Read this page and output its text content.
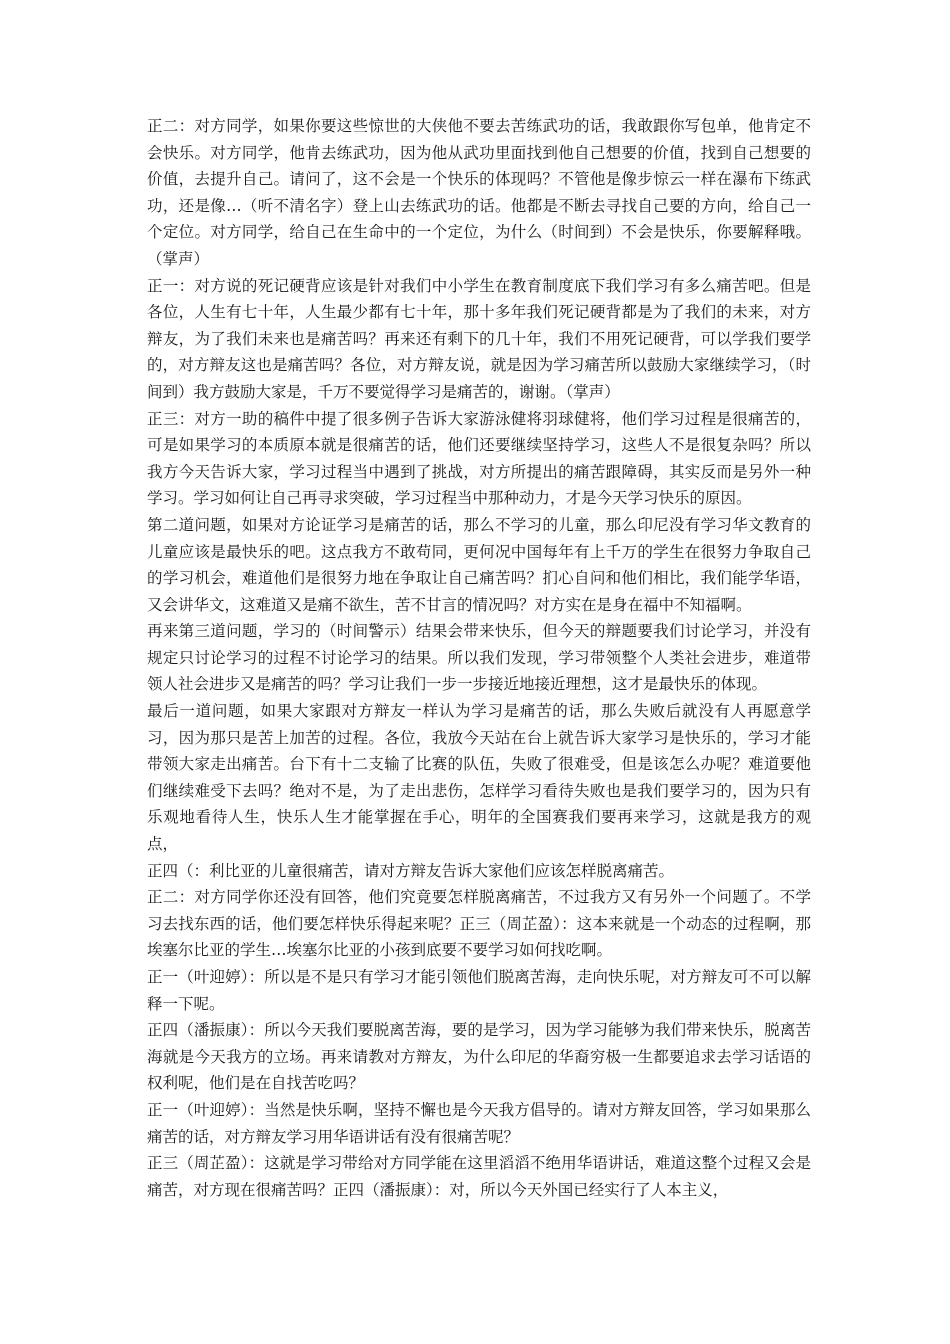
正二：对方同学，如果你要这些惊世的大侠他不要去苦练武功的话，我敢跟你写包单，他肯定不会快乐。对方同学，他肯去练武功，因为他从武功里面找到他自己想要的价值，找到自己想要的价值，去提升自己。请问了，这不会是一个快乐的体现吗？不管他是像步惊云一样在瀑布下练武功，还是像…（听不清名字）登上山去练武功的话。他都是不断去寻找自己要的方向，给自己一个定位。对方同学，给自己在生命中的一个定位，为什么（时间到）不会是快乐，你要解释哦。（掌声）

正一：对方说的死记硬背应该是针对我们中小学生在教育制度底下我们学习有多么痛苦吧。但是各位，人生有七十年，人生最少都有七十年，那十多年我们死记硬背都是为了我们的未来，对方辩友，为了我们未来也是痛苦吗？再来还有剩下的几十年，我们不用死记硬背，可以学我们要学的，对方辩友这也是痛苦吗？各位，对方辩友说，就是因为学习痛苦所以鼓励大家继续学习，（时间到）我方鼓励大家是，千万不要觉得学习是痛苦的，谢谢。（掌声）

正三：对方一助的稿件中提了很多例子告诉大家游泳健将羽球健将，他们学习过程是很痛苦的，可是如果学习的本质原本就是很痛苦的话，他们还要继续坚持学习，这些人不是很复杂吗？所以我方今天告诉大家，学习过程当中遇到了挑战，对方所提出的痛苦跟障碍，其实反而是另外一种学习。学习如何让自己再寻求突破，学习过程当中那种动力，才是今天学习快乐的原因。

第二道问题，如果对方论证学习是痛苦的话，那么不学习的儿童，那么印尼没有学习华文教育的儿童应该是最快乐的吧。这点我方不敢苟同，更何况中国每年有上千万的学生在很努力争取自己的学习机会，难道他们是很努力地在争取让自己痛苦吗？扪心自问和他们相比，我们能学华语，又会讲华文，这难道又是痛不欲生，苦不甘言的情况吗？对方实在是身在福中不知福啊。

再来第三道问题，学习的（时间警示）结果会带来快乐，但今天的辩题要我们讨论学习，并没有规定只讨论学习的过程不讨论学习的结果。所以我们发现，学习带领整个人类社会进步，难道带领人社会进步又是痛苦的吗？学习让我们一步一步接近地接近理想，这才是最快乐的体现。

最后一道问题，如果大家跟对方辩友一样认为学习是痛苦的话，那么失败后就没有人再愿意学习，因为那只是苦上加苦的过程。各位，我放今天站在台上就告诉大家学习是快乐的，学习才能带领大家走出痛苦。台下有十二支输了比赛的队伍，失败了很难受，但是该怎么办呢？难道要他们继续难受下去吗？绝对不是，为了走出悲伤，怎样学习看待失败也是我们要学习的，因为只有乐观地看待人生，快乐人生才能掌握在手心，明年的全国赛我们要再来学习，这就是我方的观点，

正四（：利比亚的儿童很痛苦，请对方辩友告诉大家他们应该怎样脱离痛苦。

正二：对方同学你还没有回答，他们究竟要怎样脱离痛苦，不过我方又有另外一个问题了。不学习去找东西的话，他们要怎样快乐得起来呢？正三（周芷盈）：这本来就是一个动态的过程啊，那埃塞尔比亚的学生…埃塞尔比亚的小孩到底要不要学习如何找吃啊。

正一（叶迎婷）：所以是不是只有学习才能引领他们脱离苦海，走向快乐呢，对方辩友可不可以解释一下呢。

正四（潘振康）：所以今天我们要脱离苦海，要的是学习，因为学习能够为我们带来快乐，脱离苦海就是今天我方的立场。再来请教对方辩友，为什么印尼的华裔穷极一生都要追求去学习话语的权利呢，他们是在自找苦吃吗？

正一（叶迎婷）：当然是快乐啊，坚持不懈也是今天我方倡导的。请对方辩友回答，学习如果那么痛苦的话，对方辩友学习用华语讲话有没有很痛苦呢？

正三（周芷盈）：这就是学习带给对方同学能在这里滔滔不绝用华语讲话，难道这整个过程又会是痛苦，对方现在很痛苦吗？正四（潘振康）：对，所以今天外国已经实行了人本主义，
